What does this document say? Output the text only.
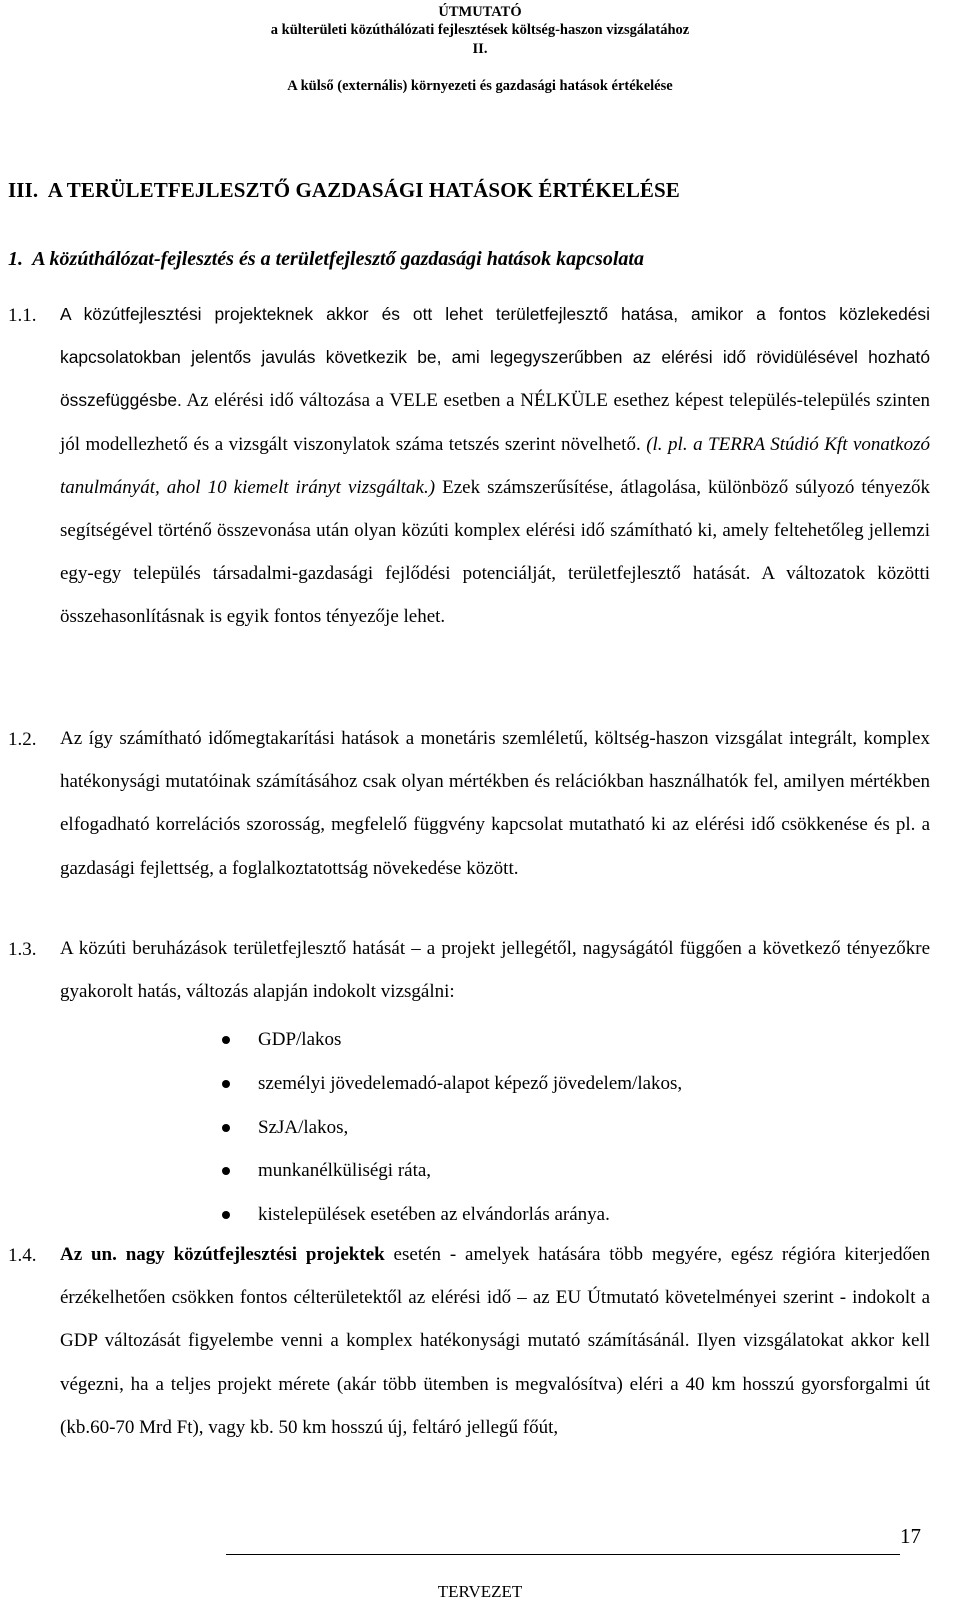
ÚTMUTATÓ
a külterületi közúthálózati fejlesztések költség-haszon vizsgálatához
II.
A külső (externális) környezeti és gazdasági hatások értékelése
III.  A TERÜLETFEJLESZTŐ GAZDASÁGI HATÁSOK ÉRTÉKELÉSE
1.  A közúthálózat-fejlesztés és a területfejlesztő gazdasági hatások kapcsolata
1.1. A közútfejlesztési projekteknek akkor és ott lehet területfejlesztő hatása, amikor a fontos közlekedési kapcsolatokban jelentős javulás következik be, ami legegyszerűbben az elérési idő rövidülésével hozható összefüggésbe. Az elérési idő változása a VELE esetben a NÉLKÜLE esethez képest település-település szinten jól modellezhető és a vizsgált viszonylatok száma tetszés szerint növelhető. (l. pl. a TERRA Stúdió Kft vonatkozó tanulmányát, ahol 10 kiemelt irányt vizsgáltak.) Ezek számszerűsítése, átlagolása, különböző súlyozó tényezők segítségével történő összevonása után olyan közúti komplex elérési idő számítható ki, amely feltehetőleg jellemzi egy-egy település társadalmi-gazdasági fejlődési potenciálját, területfejlesztő hatását. A változatok közötti összehasonlításnak is egyik fontos tényezője lehet.
1.2. Az így számítható időmegtakarítási hatások a monetáris szemléletű, költség-haszon vizsgálat integrált, komplex hatékonysági mutatóinak számításához csak olyan mértékben és relációkban használhatók fel, amilyen mértékben elfogadható korrelációs szorosság, megfelelő függvény kapcsolat mutatható ki az elérési idő csökkenése és pl. a gazdasági fejlettség, a foglalkoztatottság növekedése között.
1.3. A közúti beruházások területfejlesztő hatását – a projekt jellegétől, nagyságától függően a következő tényezőkre gyakorolt hatás, változás alapján indokolt vizsgálni:
GDP/lakos
személyi jövedelemadó-alapot képező jövedelem/lakos,
SzJA/lakos,
munkanélküliségi ráta,
kistelepülések esetében az elvándorlás aránya.
1.4. Az un. nagy közútfejlesztési projektek esetén - amelyek hatására több megyére, egész régióra kiterjedően érzékelhetően csökken fontos célterületektől az elérési idő – az EU Útmutató követelményei szerint - indokolt a GDP változását figyelembe venni a komplex hatékonysági mutató számításánál. Ilyen vizsgálatokat akkor kell végezni, ha a teljes projekt mérete (akár több ütemben is megvalósítva) eléri a 40 km hosszú gyorsforgalmi út (kb.60-70 Mrd Ft), vagy kb. 50 km hosszú új, feltáró jellegű főút,
17
TERVEZET
